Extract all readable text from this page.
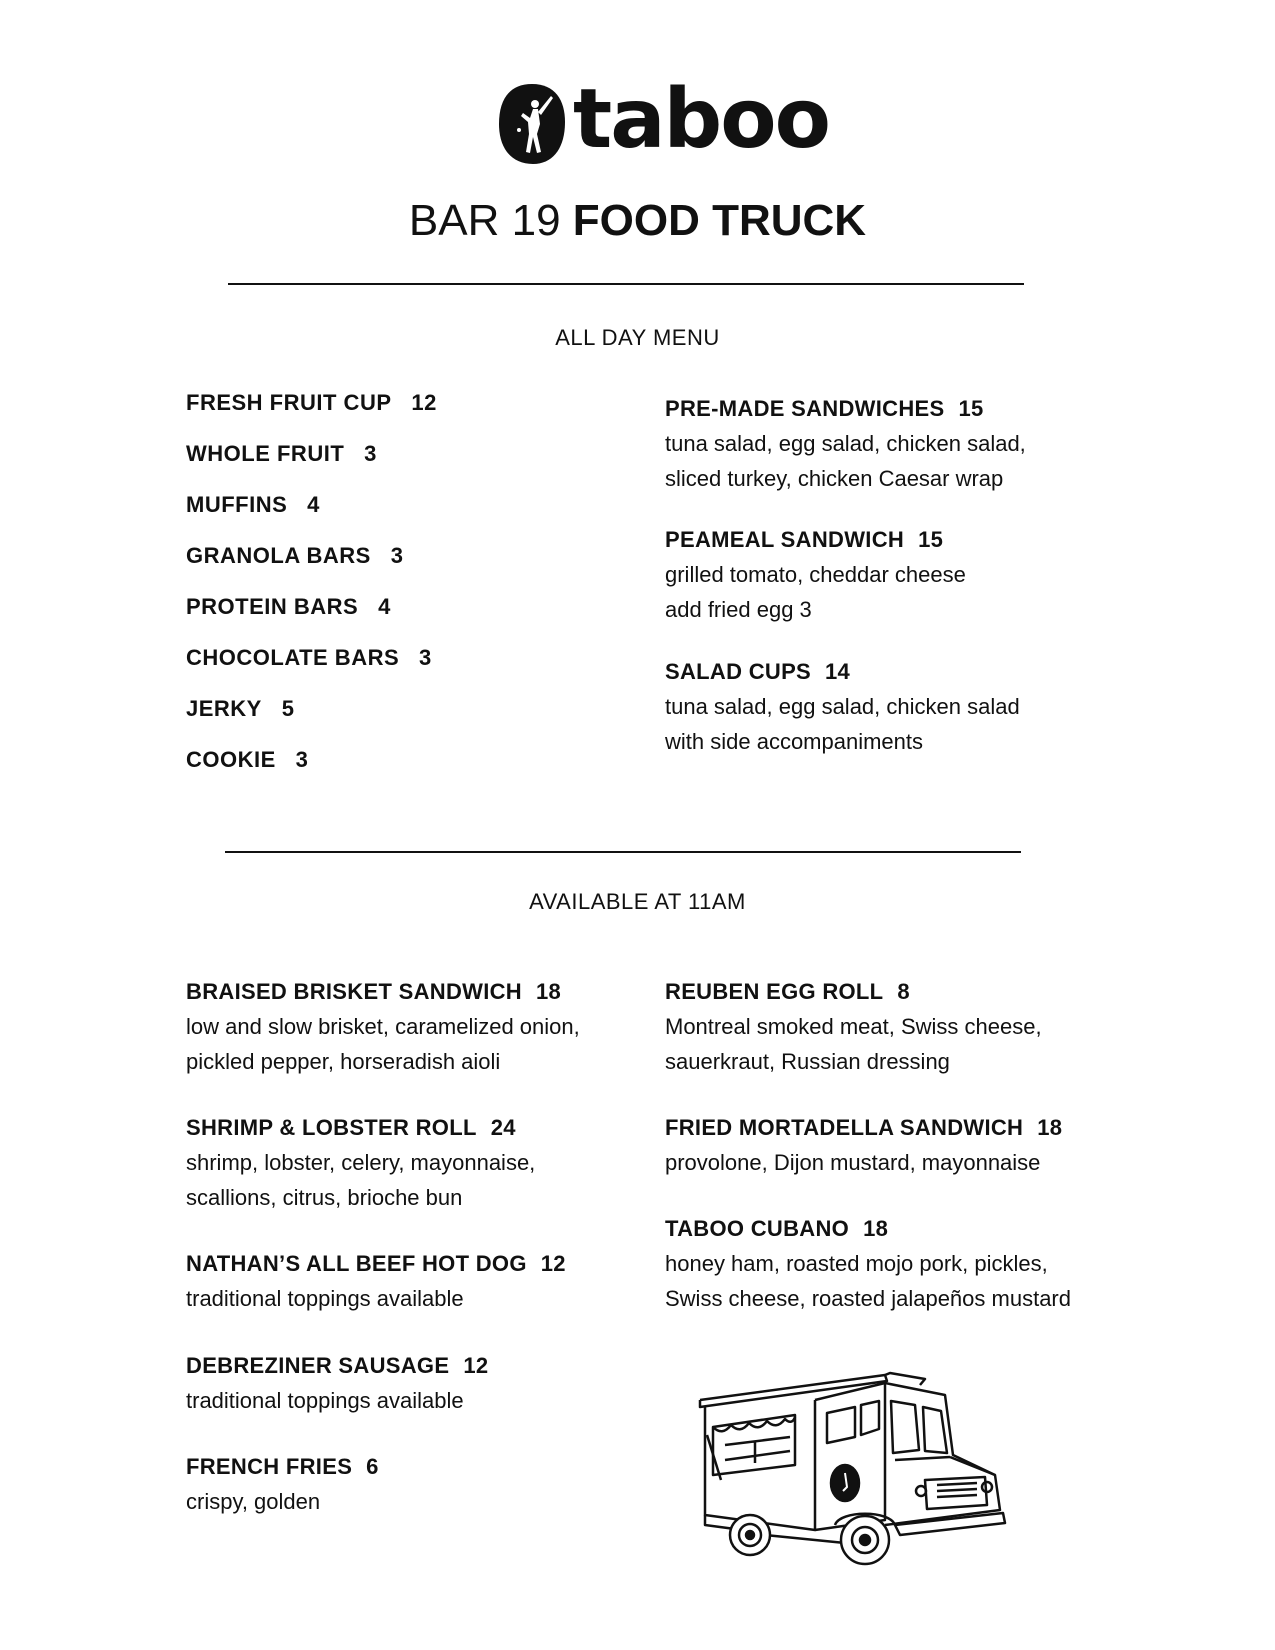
taboo
BAR 19 FOOD TRUCK
ALL DAY MENU
FRESH FRUIT CUP 12
WHOLE FRUIT 3
MUFFINS 4
GRANOLA BARS 3
PROTEIN BARS 4
CHOCOLATE BARS 3
JERKY 5
COOKIE 3
PRE-MADE SANDWICHES 15
tuna salad, egg salad, chicken salad,
sliced turkey, chicken Caesar wrap
PEAMEAL SANDWICH 15
grilled tomato, cheddar cheese
add fried egg 3
SALAD CUPS 14
tuna salad, egg salad, chicken salad
with side accompaniments
AVAILABLE AT 11AM
BRAISED BRISKET SANDWICH 18
low and slow brisket, caramelized onion,
pickled pepper, horseradish aioli
SHRIMP & LOBSTER ROLL 24
shrimp, lobster, celery, mayonnaise,
scallions, citrus, brioche bun
NATHAN’S ALL BEEF HOT DOG 12
traditional toppings available
DEBREZINER SAUSAGE 12
traditional toppings available
FRENCH FRIES 6
crispy, golden
REUBEN EGG ROLL 8
Montreal smoked meat, Swiss cheese,
sauerkraut, Russian dressing
FRIED MORTADELLA SANDWICH 18
provolone, Dijon mustard, mayonnaise
TABOO CUBANO 18
honey ham, roasted mojo pork, pickles,
Swiss cheese, roasted jalapeños mustard
